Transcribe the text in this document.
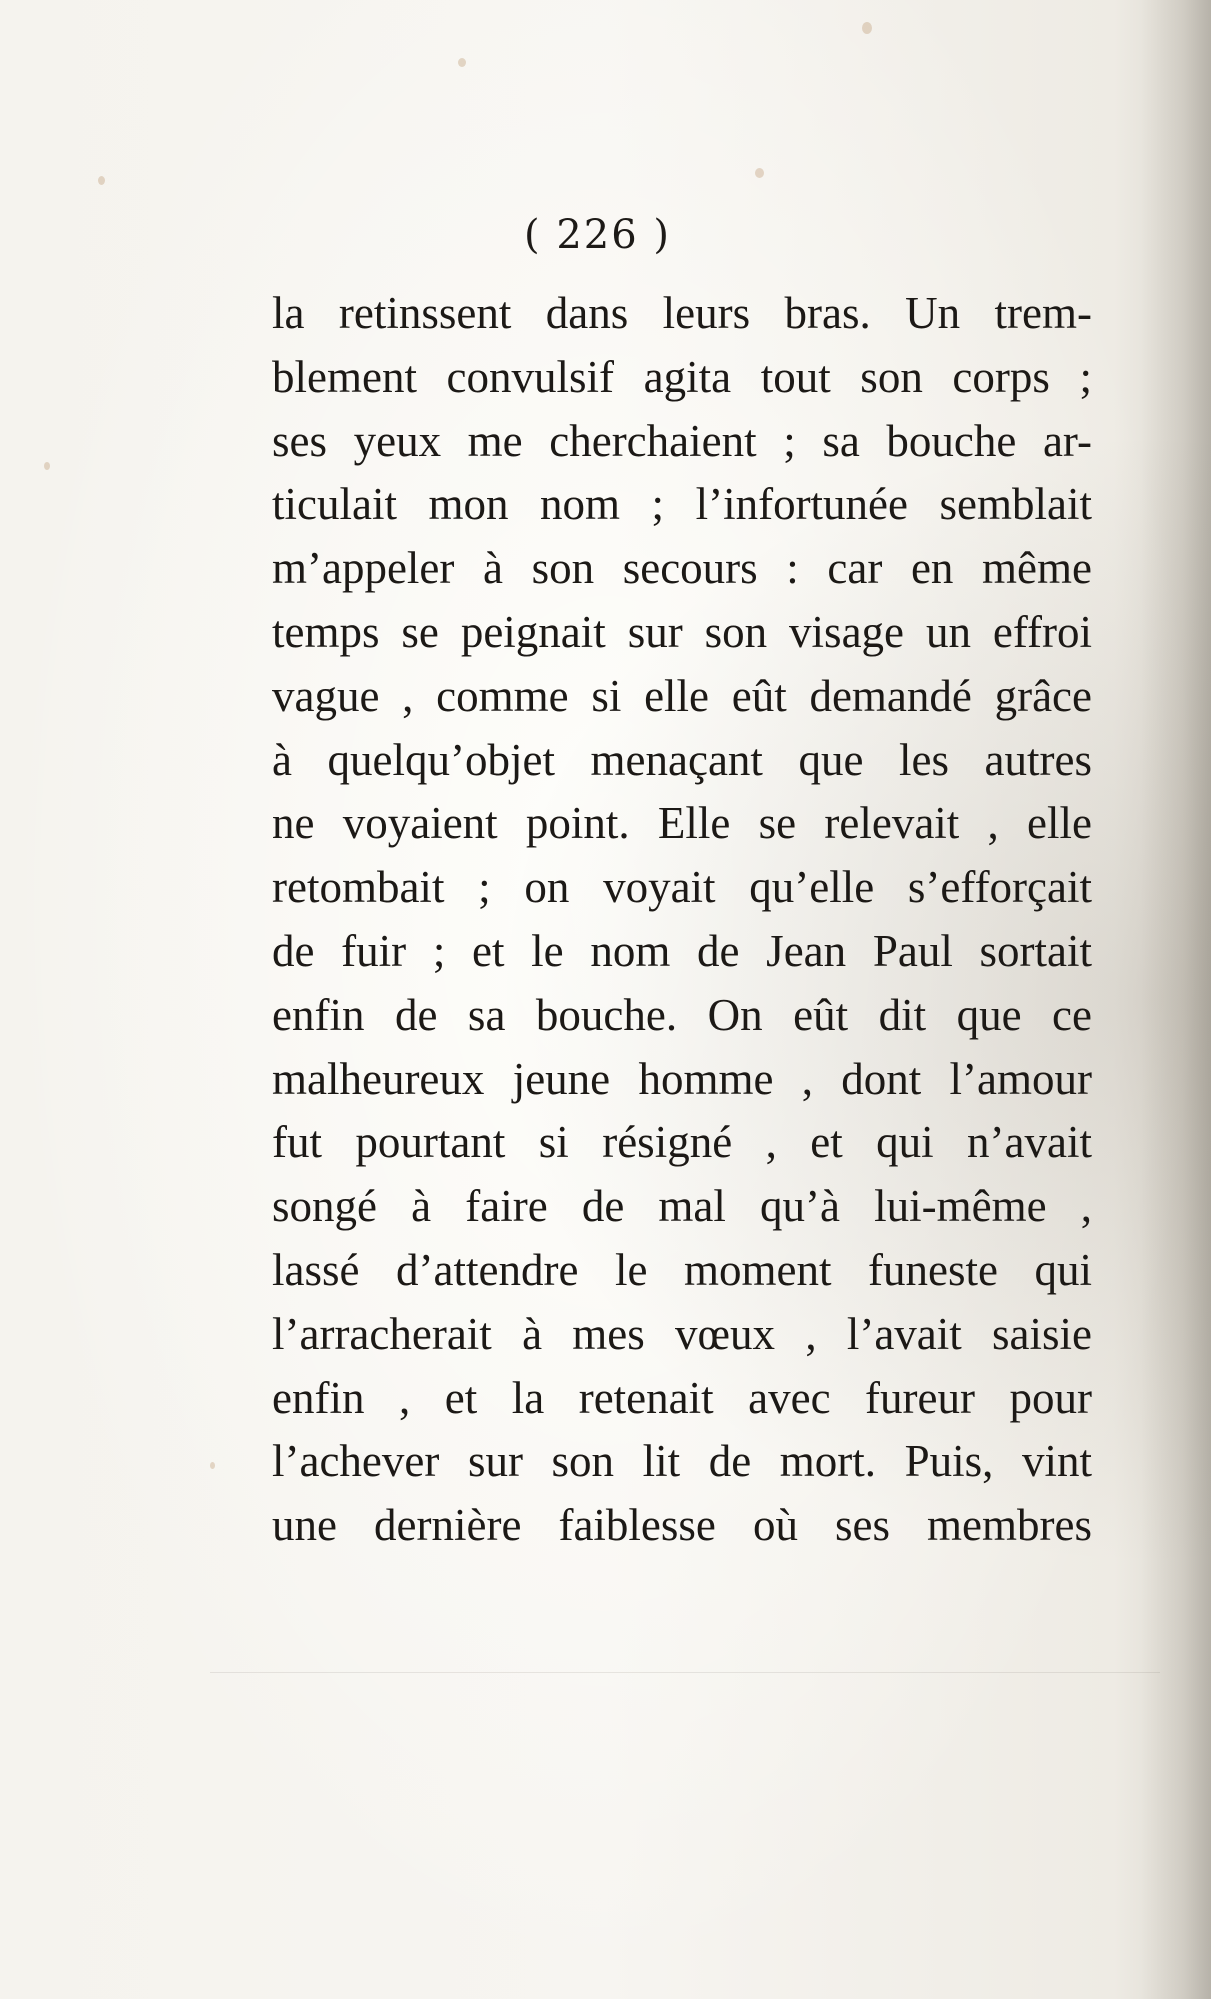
( 226 )
la retinssent dans leurs bras. Un trem-
blement convulsif agita tout son corps ;
ses yeux me cherchaient ; sa bouche ar-
ticulait mon nom ; l’infortunée semblait
m’appeler à son secours : car en même
temps se peignait sur son visage un effroi
vague , comme si elle eût demandé grâce
à quelqu’objet menaçant que les autres
ne voyaient point. Elle se relevait , elle
retombait ; on voyait qu’elle s’efforçait
de fuir ; et le nom de Jean Paul sortait
enfin de sa bouche. On eût dit que ce
malheureux jeune homme , dont l’amour
fut pourtant si résigné , et qui n’avait
songé à faire de mal qu’à lui-même ,
lassé d’attendre le moment funeste qui
l’arracherait à mes vœux , l’avait saisie
enfin , et la retenait avec fureur pour
l’achever sur son lit de mort. Puis, vint
une dernière faiblesse où ses membres
